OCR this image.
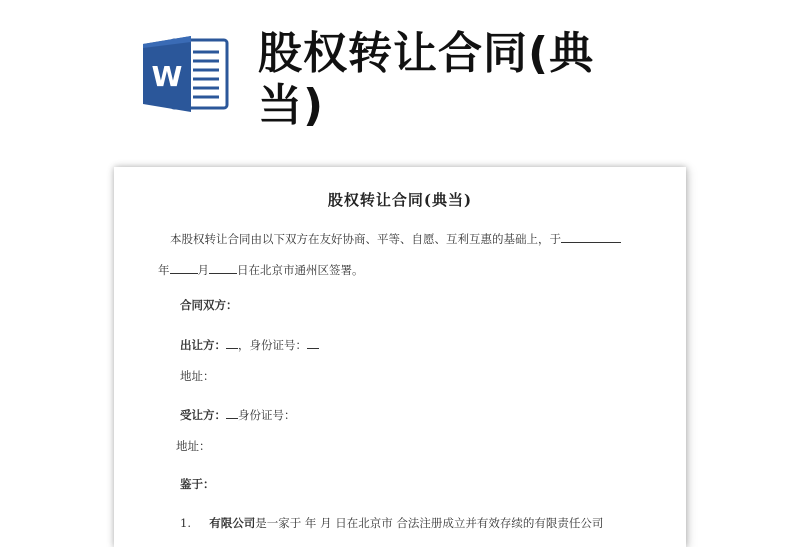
W 股权转让合同(典当)
股权转让合同(典当)
本股权转让合同由以下双方在友好协商、平等、自愿、互利互惠的基础上，于
年 月 日在北京市通州区签署。
合同双方：
出让方： ，身份证号：
地址：
受让方： 身份证号：
地址：
鉴于：
1. 有限公司是一家于 年 月 日在北京市 合法注册成立并有效存续的有限责任公司
